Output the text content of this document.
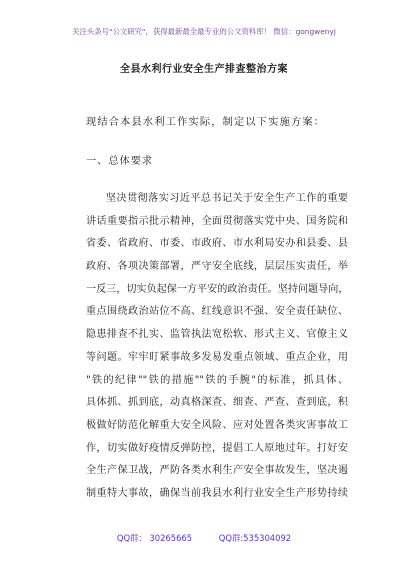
关注头条号"公文研究"，获得最新最全最专业的公文资料库！ 微信：gongwenyj
全县水利行业安全生产排查整治方案
现结合本县水利工作实际，制定以下实施方案：
一、总体要求
坚决贯彻落实习近平总书记关于安全生产工作的重要
讲话重要指示批示精神，全面贯彻落实党中央、国务院和
省委、省政府、市委、市政府、市水利局安办和县委、县
政府、各项决策部署，严守安全底线，层层压实责任，举
一反三，切实负起保一方平安的政治责任。坚持问题导向，
重点围绕政治站位不高、红线意识不强、安全责任缺位、
隐患排查不扎实、监管执法宽松软、形式主义、官僚主义
等问题。牢牢盯紧事故多发易发重点领域、重点企业，用
"铁的纪律""铁的措施""铁的手腕"的标准，抓具体、
具体抓、抓到底，动真格深查、细查、严查、查到底，积
极做好防范化解重大安全风险、应对处置各类灾害事故工
作，切实做好疫情反弹防控，提倡工人原地过年。打好安
全生产保卫战，严防各类水利生产安全事故发生，坚决遏
制重特大事故，确保当前我县水利行业安全生产形势持续
QQ群： 30265665	QQ群:535304092
